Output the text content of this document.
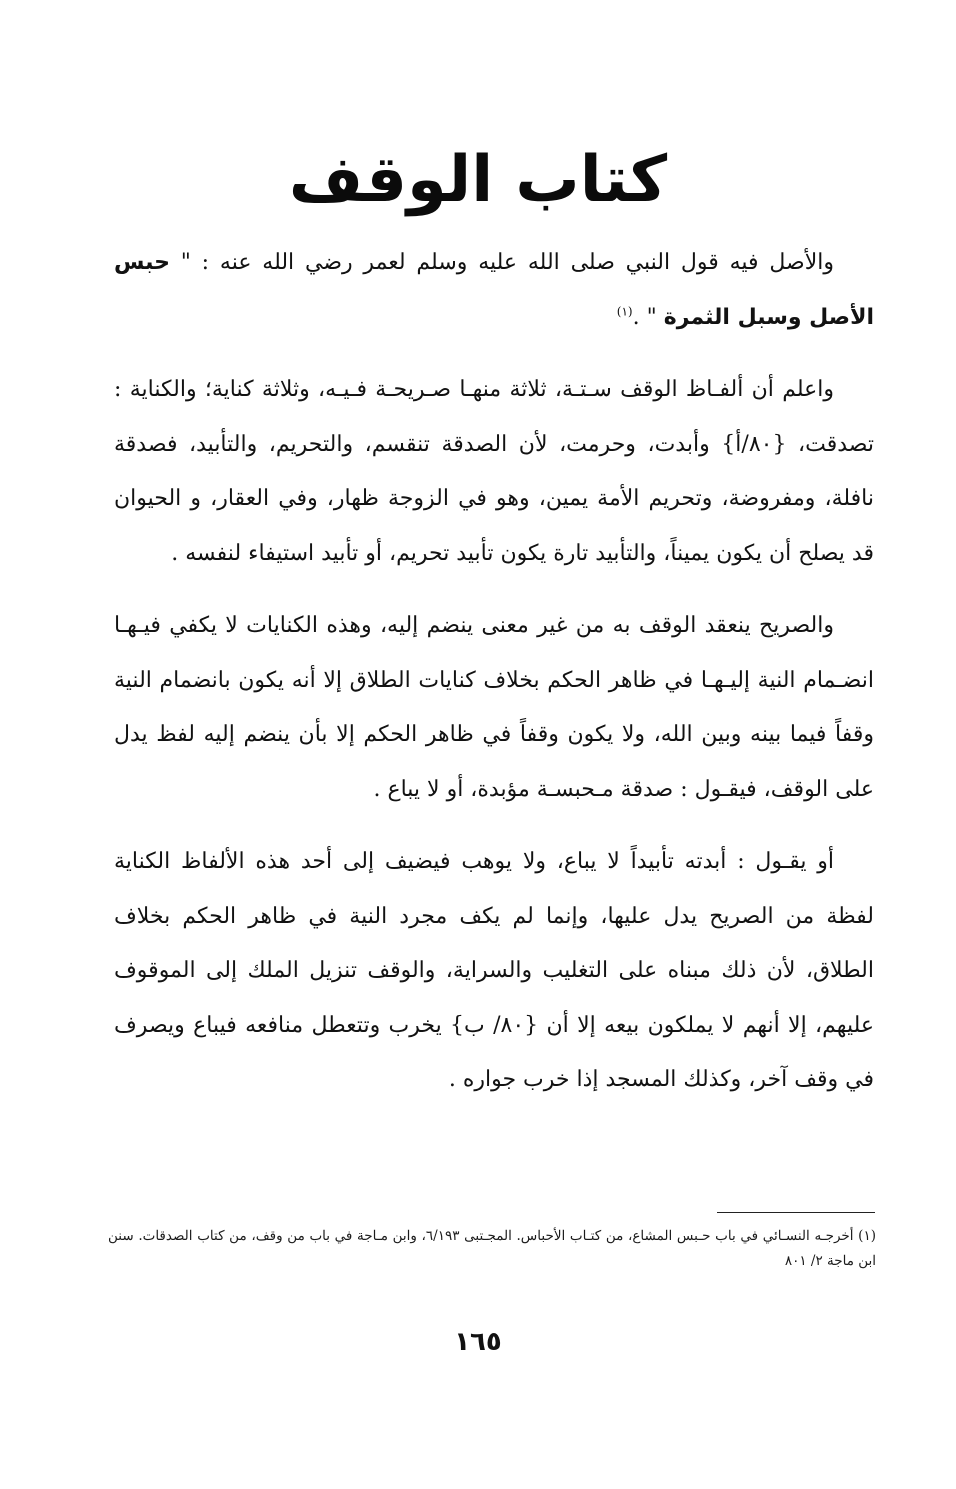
كتاب الوقف

والأصل فيه قول النبي صلى الله عليه وسلم لعمر رضي الله عنه : " حبس الأصل وسبل الثمرة " .$^{(١)}$

واعلم أن ألفـاظ الوقف سـتـة، ثلاثة منهـا صـريحـة فـيـه، وثلاثة كناية؛ والكناية : تصدقت، {٨٠/أ} وأبدت، وحرمت، لأن الصدقة تنقسم، والتحريم، والتأبيد، فصدقة نافلة، ومفروضة، وتحريم الأمة يمين، وهو في الزوجة ظهار، وفي العقار، و الحيوان قد يصلح أن يكون يميناً، والتأبيد تارة يكون تأبيد تحريم، أو تأبيد استيفاء لنفسه .

والصريح ينعقد الوقف به من غير معنى ينضم إليه، وهذه الكنايات لا يكفي فيـهـا انضـمام النية إليـهـا في ظاهر الحكم بخلاف كنايات الطلاق إلا أنه يكون بانضمام النية وقفاً فيما بينه وبين الله، ولا يكون وقفاً في ظاهر الحكم إلا بأن ينضم إليه لفظ يدل على الوقف، فيقـول : صدقة مـحبسـة مؤبدة، أو لا يباع .

أو يقـول : أبدته تأبيداً لا يباع، ولا يوهب فيضيف إلى أحد هذه الألفاظ الكناية لفظة من الصريح يدل عليها، وإنما لم يكف مجرد النية في ظاهر الحكم بخلاف الطلاق، لأن ذلك مبناه على التغليب والسراية، والوقف تنزيل الملك إلى الموقوف عليهم، إلا أنهم لا يملكون بيعه إلا أن {٨٠/ ب} يخرب وتتعطل منافعه فيباع ويصرف في وقف آخر، وكذلك المسجد إذا خرب جواره .

(١) أخرجـه النسـائي في باب حـبس المشاع، من كتـاب الأحباس. المجـتبى ٦/١٩٣، وابن مـاجة في باب من وقف، من كتاب الصدقات. سنن ابن ماجة ٢/ ٨٠١

١٦٥
